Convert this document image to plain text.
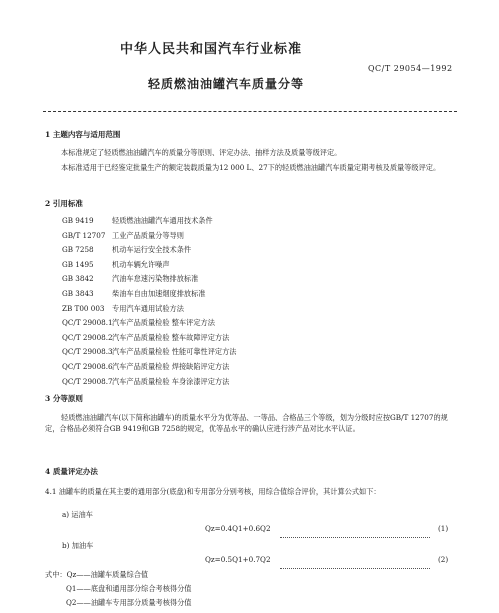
中华人民共和国汽车行业标准
QC/T 29054—1992
轻质燃油油罐汽车质量分等
1 主题内容与适用范围
本标准规定了轻质燃油油罐汽车的质量分等原则、评定办法、抽样方法及质量等级评定。
本标准适用于已经鉴定批量生产的额定装载质量为12 000 L、27下的轻质燃油油罐汽车质量定期考核及质量等级评定。
2 引用标准
GB 9419	轻质燃油油罐汽车通用技术条件
GB/T 12707 工业产品质量分等导则
GB 7258	机动车运行安全技术条件
GB 1495	机动车辆允许噪声
GB 3842	汽油车怠速污染物排放标准
GB 3843	柴油车自由加速烟度排放标准
ZB T00 003 专用汽车通用试验方法
QC/T 29008.1汽车产品质量检验 整车评定方法
QC/T 29008.2汽车产品质量检验 整车故障评定方法
QC/T 29008.3汽车产品质量检验 性能可靠性评定方法
QC/T 29008.6汽车产品质量检验 焊接缺陷评定方法
QC/T 29008.7汽车产品质量检验 车身涂漆评定方法
3 分等原则
轻质燃油油罐汽车(以下简称油罐车)的质量水平分为优等品、一等品、合格品三个等级，划为分级时应按GB/T 12707的规定，合格品必须符合GB 9419和GB 7258的规定，优等品水平的确认应进行涉产品对比水平认证。
4 质量评定办法
4.1 油罐车的质量在其主要的通用部分(底盘)和专用部分分别考核，用综合值综合评价，其计算公式如下：
a) 运油车
Qz=0.4Q1+0.6Q2	(1)
b) 加油车
Qz=0.5Q1+0.7Q2	(2)
式中：Qz——油罐车质量综合值
Q1——底盘和通用部分综合考核得分值
Q2——油罐车专用部分质量考核得分值
